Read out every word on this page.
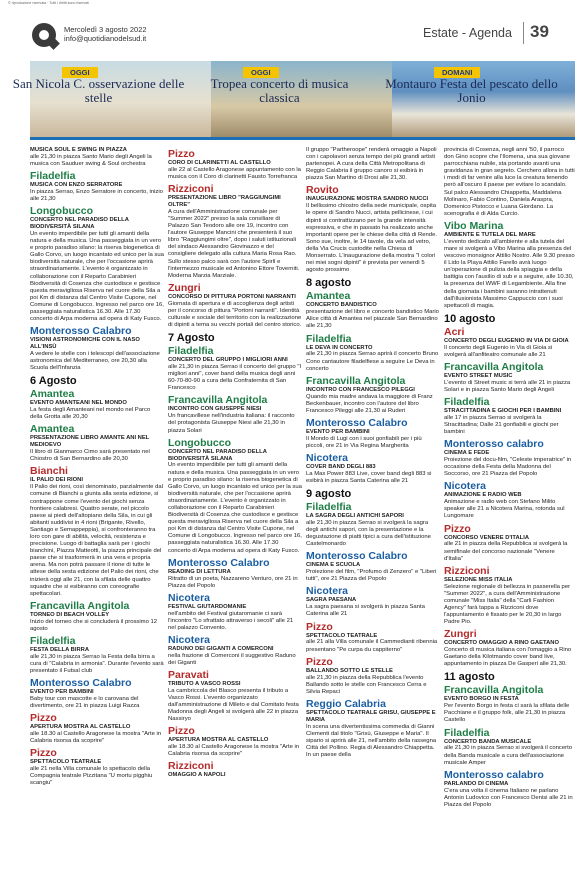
© riproduzione riservata · Tutti i diritti sono riservati
Mercoledì 3 agosto 2022
info@quotidianodelsud.it	Estate - Agenda 39
OGGI
San Nicola C. osservazione delle stelle
OGGI
Tropea concerto di musica classica
DOMANI
Montauro Festa del pescato dello Jonio
MUSICA SOUL E SWING IN PIAZZA
alle 21,30 in piazza Santo Mario degli Angeli la musica con Sauduer swing & Soul orchestra
Filadelfia
MUSICA CON ENZO SERRATORE
In piazza Serrao, Enzo Serratore in concerto, inizio alle 21,30
Longobucco
CONCERTO NEL PARADISO DELLA BIODIVERSITÀ SILANA
Un evento imperdibile per tutti gli amanti della natura e della musica. Una passeggiata in un vero e proprio paradiso silano: la riserva biogenetica di Gallo Corvo, un luogo incantato ed unico per la sua biodiversità naturale, che per l'occasione aprirà straordinariamente. L'evento è organizzato in collaborazione con il Reparto Carabinieri Biodiversità di Cosenza che custodisce e gestisce questa meravigliosa Riserva nel cuore della Sila a poi Km di distanza dal Centro Visite Cupone, nel Comune di Longobucco. Ingresso nel parco ore 16, passeggiata naturalistica 16.30. Alle 17.30 concerto di Arpa moderna ad opera di Katy Fusco.
Monterosso Calabro
VISIONI ASTRONOMICHE CON IL NASO ALL'INSÙ
A vedere le stelle con i telescopi dell'associazione astronomica del Mediterraneo, ore 20,30 alla Scuola dell'Infanzia
6 Agosto
Amantea
EVENTO AMANTEANI NEL MONDO
La festa degli Amanteani nel mondo nel Parco della Grotta alle 20,30
Amantea
PRESENTAZIONE LIBRO AMANTE ANI NEL MEDIOEVO
Il libro di Gianmarco Cimo sarà presentato nel Chiostro di San Bernardino alle 20,30
Bianchi
IL PALIO DEI RIONI
Il Palio dei rioni, così denominato, parzialmente dal comune di Bianchi a giunta alla sesta edizione, si contrappone come l'evento dei giochi senza frontiere calabresi. Quattro serate, nel piccolo paese ai piedi dell'altopiano della Sila, in cui gli abitanti suddivisi in 4 rioni (Brigante, Rivello, Santiago e Semappeppia), si confronteranno tra loro con gare di abilità, velocità, resistenza e precisione. Luogo di battaglia sarà per i giochi bianchini, Piazza Matteotti, la piazza principale del paese che si trasformerà in una vera e propria arena. Ma non potrà passare il rione di tutte le attese della sesta edizione del Palio dei rioni, che inizierà oggi alle 21, con la sfilata delle quattro squadre che si esibiranno con coreografie spettacolari.
Francavilla Angitola
TORNEO DI BEACH VOLLEY
Inizio del torneo che si concluderà il prossimo 12 agosto
Filadelfia
FESTA DELLA BIRRA
alle 21,30 in piazza Serrao la Festa della birra a cura di "Calabria in armonia". Durante l'evento sarà presentato il Futsal club
Monterosso Calabro
EVENTO PER BAMBINI
Baby tour con mascotte e lo carovana del divertimento, ore 21 in piazza Luigi Razza
Pizzo
APERTURA MOSTRA AL CASTELLO
alle 18.30 al Castello Aragonese la mostra "Arte in Calabria risorsa da scoprire"
Pizzo
SPETTACOLO TEATRALE
alle 21 nella Villa comunale lo spettacolo della Compagnia teatrale Pizzitana "U mortu pigghiu scangiu"
Pizzo
CORO DI CLARINETTI AL CASTELLO
alle 22 al Castello Aragonese appuntamento con la musica con il Coro di clarinetti Fausto Torrefranca
Rizziconi
PRESENTAZIONE LIBRO "RAGGIUNGIMI OLTRE"
A cura dell'Amministrazione comunale per "Summer 2022" presso la sala consiliare di Palazzo San Teodoro alle ore 19, incontro con l'autore Giuseppe Mancini che presenterà il suo libro "Raggiungimi oltre", dopo i saluti istituzionali del sindaco Alessandro Giovinazzo e del consigliere delegato alla cultura Maria Rosa Rao. Sullo stesso palco sarà con l'autore Spirlì e l'intermezzo musicale ed Antonino Ettore Toverniti. Moderna Marzia Marziale.
Zungri
CONCORSO DI PITTURA PORTONI NARRANTI
Giornata di apertura e di accoglienza degli artisti per il concorso di pittura "Portoni narranti". Identità culturale e sociale del territorio con la realizzazione di dipinti a tema su vecchi portali del centro storico.
7 Agosto
Filadelfia
CONCERTO DEL GRUPPO I MIGLIORI ANNI
alle 21,30 in piazza Serrao il concerto del gruppo "I migliori anni", cover band della musica degli anni 60-70-80-90 a cura della Confraternita di San Francesco
Francavilla Angitola
INCONTRO CON GIUSEPPE NIESI
Un francavillese nell'industria italiana: il racconto del protagonista Giuseppe Niesi alle 21,30 in piazza Solari
Longobucco
CONCERTO NEL PARADISO DELLA BIODIVERSITÀ SILANA
Un evento imperdibile per tutti gli amanti della natura e della musica. Una passeggiata in un vero e proprio paradiso silano: la riserva biogenetica di Gallo Corvo, un luogo incantato ed unico per la sua biodiversità naturale, che per l'occasione aprirà straordinariamente. L'evento è organizzato in collaborazione con il Reparto Carabinieri Biodiversità di Cosenza che custodisce e gestisce questa meravigliosa Riserva nel cuore della Sila a poi Km di distanza dal Centro Visite Cupone, nel Comune di Longobucco. Ingresso nel parco ore 16, passeggiata naturalistica 16.30. Alle 17.30 concerto di Arpa moderna ad opera di Katy Fusco.
Monterosso Calabro
READING DI LETTURA
Ritratto di un poeta, Nazzareno Venturo, ore 21 in Piazza del Popolo
Nicotera
FESTIVAL GIUTARDOMANIE
nell'ambito del Festival giutaromanie ci sarà l'incontro "Lo sfrattato attraverso i secoli" alle 21 nel palazzo Convento.
Nicotera
RADUNO DEI GIGANTI A COMERCONI
nella frazione di Comerconi il suggestivo Raduno dei Giganti
Paravati
TRIBUTO A VASCO ROSSI
La cambriccola del Blasco presenta il tributo a Vasco Rossi. L'evento organizzato dall'amministrazione di Mileto e dal Comitato festa Madonna degli Angeli si svolgerà alle 22 in piazza Nassiryo
Pizzo
APERTURA MOSTRA AL CASTELLO
alle 18.30 al Castello Aragonese la mostra "Arte in Calabria risorsa da scoprire"
Rizziconi
OMAGGIO A NAPOLI
Il gruppo "Partheroope" renderà omaggio a Napoli con i capolavori senza tempo dei più grandi artisti partenopei. A cura della Città Metropolitana di Reggio Calabria il gruppo canoro si esibirà in piazza San Martino di Drosi alle 21,30.
Rovito
INAUGURAZIONE MOSTRA SANDRO NUCCI
Il bellissimo chiostro della sede municipale, ospita le opere di Sandro Nucci, artista pellicinese, i cui dipinti si contrattizzano per la grande intensità espressiva, e che in passato ha realizzato anche importanti opere per le chiese della città di Rende. Sono sue, inoltre, le 14 tavole, da vela ad vetro, della Via Crucis custodite nella Chiesa di Monserrato. L'inaugurazione della mostra "I colori nei miei sogni dipinti" è prevista per venerdì 5 agosto prossimo
8 agosto
Amantea
CONCERTO BANDISTICO
presentazione del libro e concerto bandistico Mario Alice città di Amantea nel piazzale San Bernardino alle 21,30
Filadelfia
LE DEVA IN CONCERTO
alle 21,30 in piazza Serrao aprirà il concerto Bruno Cono cantautore filadelfiese a seguire Le Deva in concerto
Francavilla Angitola
INCONTRO CON FRANCESCO PILEGGI
Quando mia madre andava la maggiore di Franz Beckenbauer, incontro con l'autore del libro Francesco Pileggi alle 21,30 ai Ruderi
Monterosso Calabro
EVENTO PER BAMBINI
Il Mondo di Lugi con i suoi gonfiabili per i più piccoli, ore 21 in Via Regina Margherita
Nicotera
COVER BAND DEGLI 883
La Max Power 883 Live, cover band degli 883 si esibirà in piazza Santa Caterina alle 21
9 agosto
Filadelfia
LA SAGRA DEGLI ANTICHI SAPORI
alle 21,30 in piazza Serrao si svolgerà la sagra degli antichi sapori, con la presentazione e la degustazione di piatti tipici a cura dell'istituzione Castelmonardo
Monterosso Calabro
CINEMA E SCUOLA
Proiezione del film, "Profumo di Zenzero" e "Liberi tutti", ore 21 Piazza del Popolo
Nicotera
SAGRA PAESANA
La sagra paesana si svolgerà in piazza Santa Caterina alle 21
Pizzo
SPETTACOLO TEATRALE
alle 21 alla Villa comunale il Cammedianti ribennia presentano "Pe curpa du cappiterno"
Pizzo
BALLANDO SOTTO LE STELLE
alle 21,30 in piazza della Repubblica l'evento Ballando sotto le stelle con Francesco Cerra e Silvia Repaci
Reggio Calabria
SPETTACOLO TEATRALE GRISU, GIUSEPPE E MARIA
In scena una divertentissima commedia di Gianni Clementi dal titolo "Grisù, Giuseppe e Maria". Il sipario si aprirà alle 21, nell'ambito della rassegna Città del Pollino. Regia di Alessandro Chiappetta. In un paese della
provincia di Cosenza, negli anni '50, il parroco don Gino scopre che l'Ilomena, una sua giovane parrocchiana nubile, sta portando avanti una gravidanza in gran segreto. Cerchero allora in tutti i modi di far venire alla luce la creatura tenendo però all'oscuro il paese per evitare lo scandalo. Sul palco Alessandro Chiappetta, Maddalena Molinaro, Fabio Contino, Daniela Araspra, Domenico Pistocco e Luana Giordano. La scenografia è di Alda Curcio.
Vibo Marina
AMBIENTE E TUTELA DEL MARE
L'evento dedicato all'ambiente e alla tutela del mare si svolgerà a Vibo Marina alla presenza del vescovo monsignor Attilio Nostro. Alle 9.30 presso il Lido la Playa Attilio Farello avrà luogo un'operazione di pulizia della spiaggia e della battigia con l'ausilio di sub e a seguire, alle 10.30, la presenza del WWF di Legambiente. Alla fine della giornata i bambini saranno intrattenuti dall'illusionista Massimo Cappuccio con i suoi spettacoli di magia.
10 agosto
Acri
CONCERTO DEGLI EUGENIO IN VIA DI GIOIA
Il concerto degli Eugenio in Via di Gioia si svolgerà all'anfiteatro comunale alle 21
Francavilla Angitola
EVENTO STREET MUSIC
L'evento di Street music si terrà alle 21 in piazza Solari e in piazza Santo Mario degli Angeli
Filadelfia
STRACITTADINA E GIOCHI PER I BAMBINI
alle 17 in piazza Serrao si svolgerà la Stracittadina; Dalle 21 gonfiabili e giochi per bambini
Monterosso calabro
CINEMA E FEDE
Proiezione del docu-film, "Celeste imperatrice" in occasione della Festa della Madonna del Soccorso, ore 21 Piazza del Popolo
Nicotera
ANIMAZIONE E RADIO WEB
Animazione e radio web con Stefano Milito speaker alle 21 a Nicotera Marina, rotonda sul Lungomare
Pizzo
CONCORSO VENERE D'ITALIA
alle 21 in piazza della Repubblica si svolgerà la semifinale del concorso nazionale "Venere d'Italia"
Rizziconi
SELEZIONE MISS ITALIA
Selezione regionale di bellezza in passerella per "Summer 2022", a cura dell'Amministrazione comunale "Miss Italia" della "Carli Fashion Agency" farà tappa a Rizziconi dove l'appuntamento è fissato per le 20,30 in largo Padre Pio.
Zungri
CONCERTO OMAGGIO A RINO GAETANO
Concerto di musica italiana con l'omaggio a Rino Gaetano della Kilotmando cover band live, appuntamento in piazza De Gasperi alle 21,30.
11 agosto
Francavilla Angitola
EVENTO BORGO IN FESTA
Per l'evento Borgo in festa ci sarà la sfilata delle Pacchiane e il gruppo folk, alle 21,30 in piazza Castello
Filadelfia
CONCERTO BANDA MUSICALE
alle 21,30 in piazza Serrao si svolgerà il concerto della Banda musicale a cura dell'associazione musicale Amper
Monterosso calabro
PARLANDO DI CINEMA
C'era una volta il cinema Italiano ne parlano Antonio Ludovico con Francesco Denisi alle 21 in Piazza del Popolo
